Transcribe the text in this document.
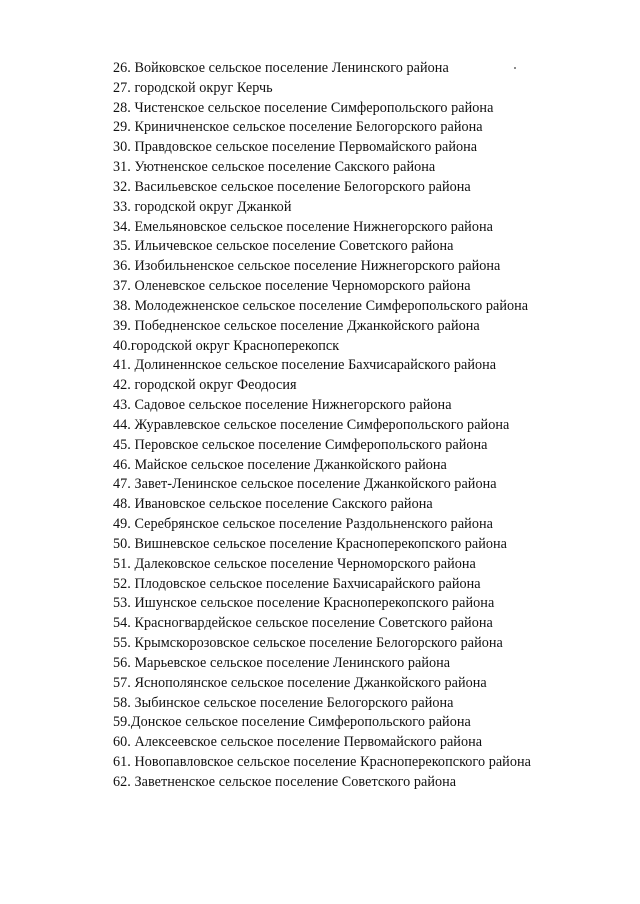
26. Войковское сельское поселение Ленинского района
27. городской округ Керчь
28. Чистенское сельское поселение Симферопольского района
29. Криничненское сельское поселение Белогорского района
30. Правдовское сельское поселение Первомайского района
31. Уютненское сельское поселение Сакского района
32. Васильевское сельское поселение Белогорского района
33. городской округ Джанкой
34. Емельяновское сельское поселение Нижнегорского района
35. Ильичевское сельское поселение Советского района
36. Изобильненское сельское поселение Нижнегорского района
37. Оленевское сельское поселение Черноморского района
38. Молодежненское сельское поселение Симферопольского района
39. Победненское сельское поселение Джанкойского района
40.городской округ Красноперекопск
41. Долиненнское сельское поселение Бахчисарайского района
42. городской округ Феодосия
43. Садовое сельское поселение Нижнегорского района
44. Журавлевское сельское поселение Симферопольского района
45. Перовское сельское поселение Симферопольского района
46. Майское сельское поселение Джанкойского района
47. Завет-Ленинское сельское поселение Джанкойского района
48. Ивановское сельское поселение Сакского района
49. Серебрянское сельское поселение Раздольненского района
50. Вишневское сельское поселение Красноперекопского района
51. Далековское сельское поселение Черноморского района
52. Плодовское сельское поселение Бахчисарайского района
53. Ишунское сельское поселение Красноперекопского района
54. Красногвардейское сельское поселение Советского района
55. Крымскорозовское сельское поселение Белогорского района
56. Марьевское сельское поселение Ленинского района
57. Яснополянское сельское поселение Джанкойского района
58. Зыбинское сельское поселение Белогорского района
59.Донское сельское поселение Симферопольского района
60. Алексеевское сельское поселение Первомайского района
61. Новопавловское сельское поселение Красноперекопского района
62. Заветненское сельское поселение Советского района
